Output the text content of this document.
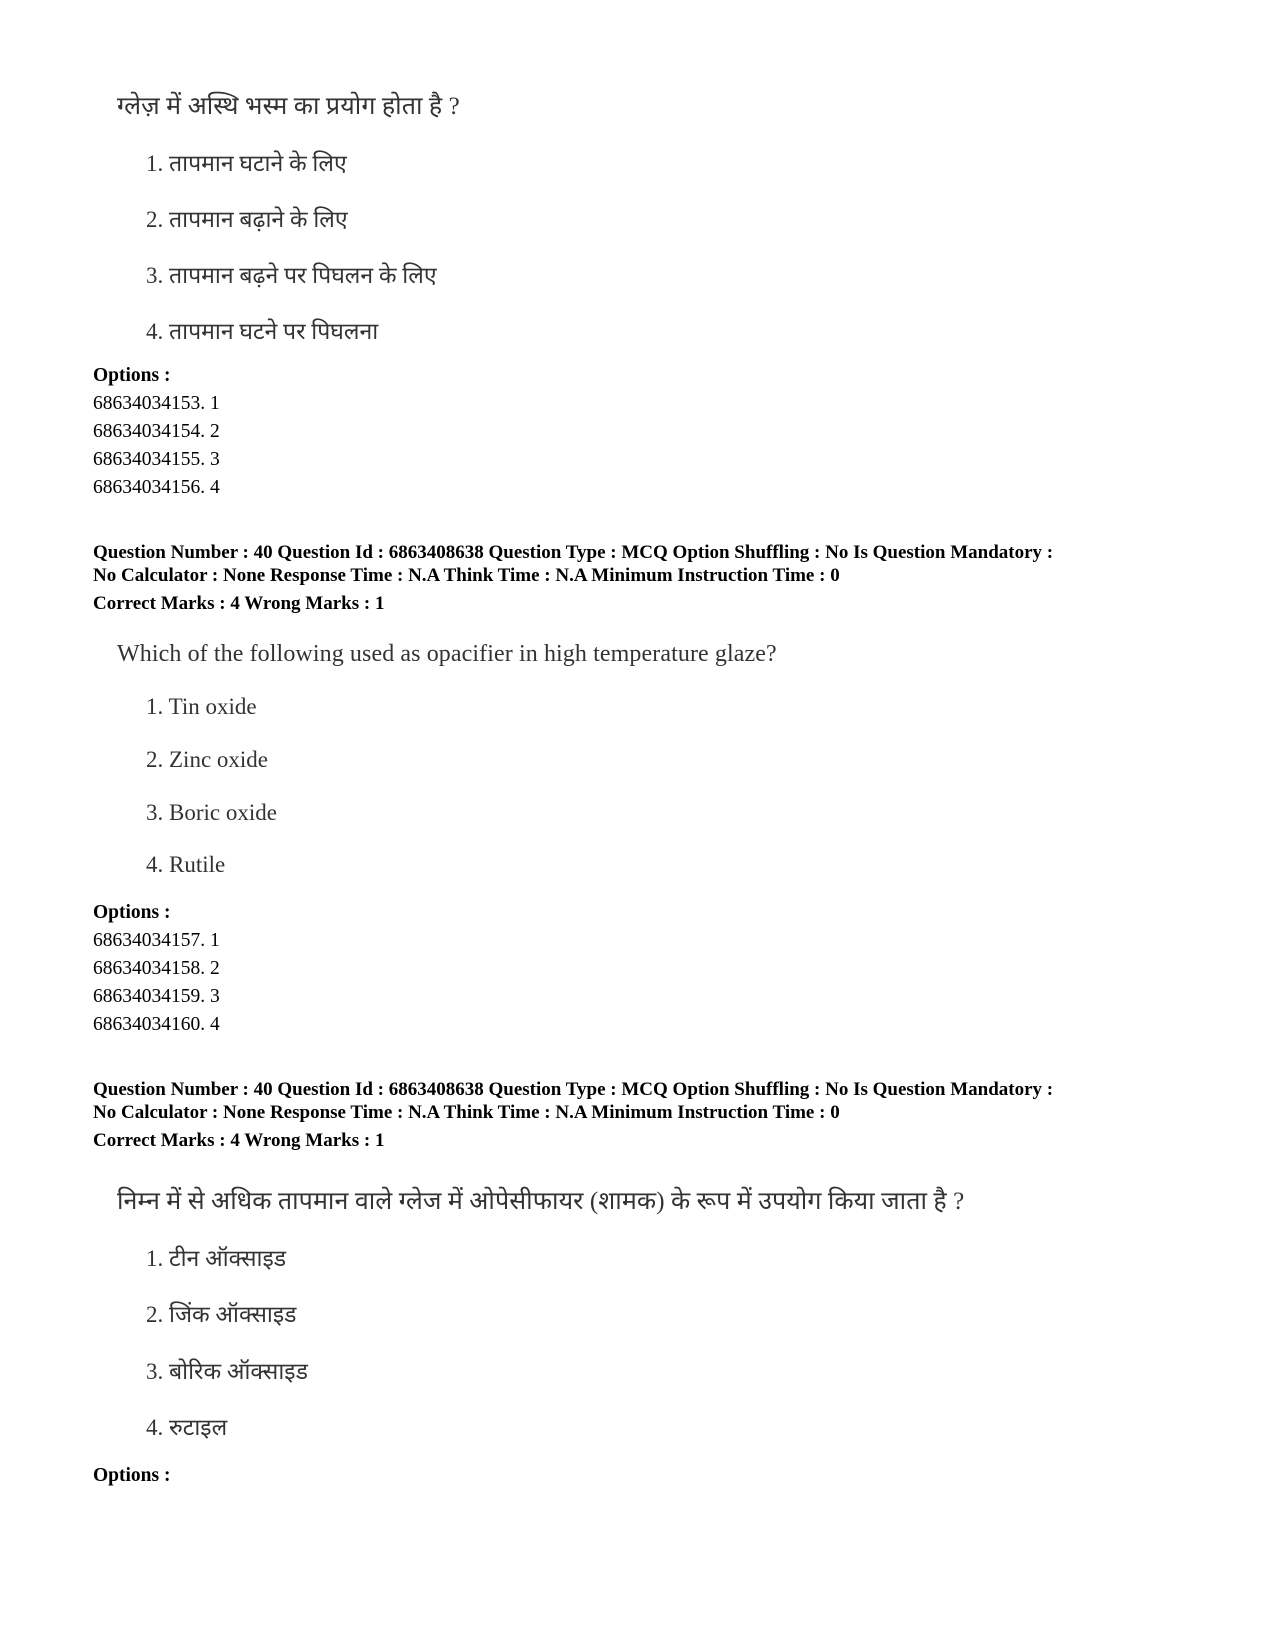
ग्लेज़ में अस्थि भस्म का प्रयोग होता है ?
1. तापमान घटाने के लिए
2. तापमान बढ़ाने के लिए
3. तापमान बढ़ने पर पिघलन के लिए
4. तापमान घटने पर पिघलना
Options :
68634034153. 1
68634034154. 2
68634034155. 3
68634034156. 4
Question Number : 40 Question Id : 6863408638 Question Type : MCQ Option Shuffling : No Is Question Mandatory :
No Calculator : None Response Time : N.A Think Time : N.A Minimum Instruction Time : 0
Correct Marks : 4 Wrong Marks : 1
Which of the following used as opacifier in high temperature glaze?
1. Tin oxide
2. Zinc oxide
3. Boric oxide
4. Rutile
Options :
68634034157. 1
68634034158. 2
68634034159. 3
68634034160. 4
Question Number : 40 Question Id : 6863408638 Question Type : MCQ Option Shuffling : No Is Question Mandatory :
No Calculator : None Response Time : N.A Think Time : N.A Minimum Instruction Time : 0
Correct Marks : 4 Wrong Marks : 1
निम्न में से अधिक तापमान वाले ग्लेज में ओपेसीफायर (शामक) के रूप में उपयोग किया जाता है ?
1. टीन ऑक्साइड
2. जिंक ऑक्साइड
3. बोरिक ऑक्साइड
4. रुटाइल
Options :
